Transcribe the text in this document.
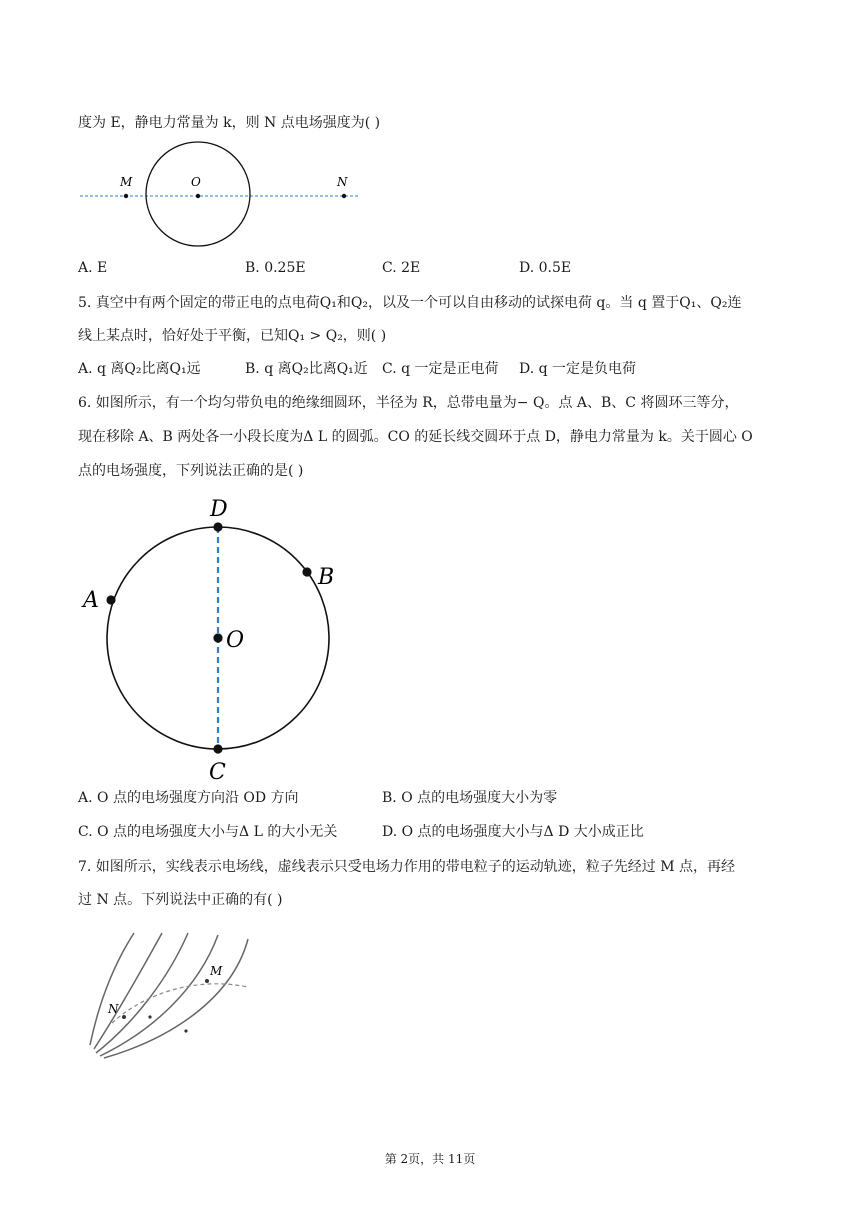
度为 E，静电力常量为 k，则 N 点电场强度为( )
M	O	N
A. E	B. 0.25E	C. 2E	D. 0.5E
5. 真空中有两个固定的带正电的点电荷Q₁和Q₂，以及一个可以自由移动的试探电荷 q。当 q 置于Q₁、Q₂连
线上某点时，恰好处于平衡，已知Q₁ > Q₂，则( )
A. q 离Q₂比离Q₁远	B. q 离Q₂比离Q₁近 C. q 一定是正电荷 D. q 一定是负电荷
6. 如图所示，有一个均匀带负电的绝缘细圆环，半径为 R，总带电量为− Q。点 A、B、C 将圆环三等分，
现在移除 A、B 两处各一小段长度为Δ L 的圆弧。CO 的延长线交圆环于点 D，静电力常量为 k。关于圆心 O
点的电场强度，下列说法正确的是( )
D
B
A
O
C
A. O 点的电场强度方向沿 OD 方向	B. O 点的电场强度大小为零
C. O 点的电场强度大小与Δ L 的大小无关	D. O 点的电场强度大小与Δ D 大小成正比
7. 如图所示，实线表示电场线，虚线表示只受电场力作用的带电粒子的运动轨迹，粒子先经过 M 点，再经
过 N 点。下列说法中正确的有( )
M
N
第 2页，共 11页
